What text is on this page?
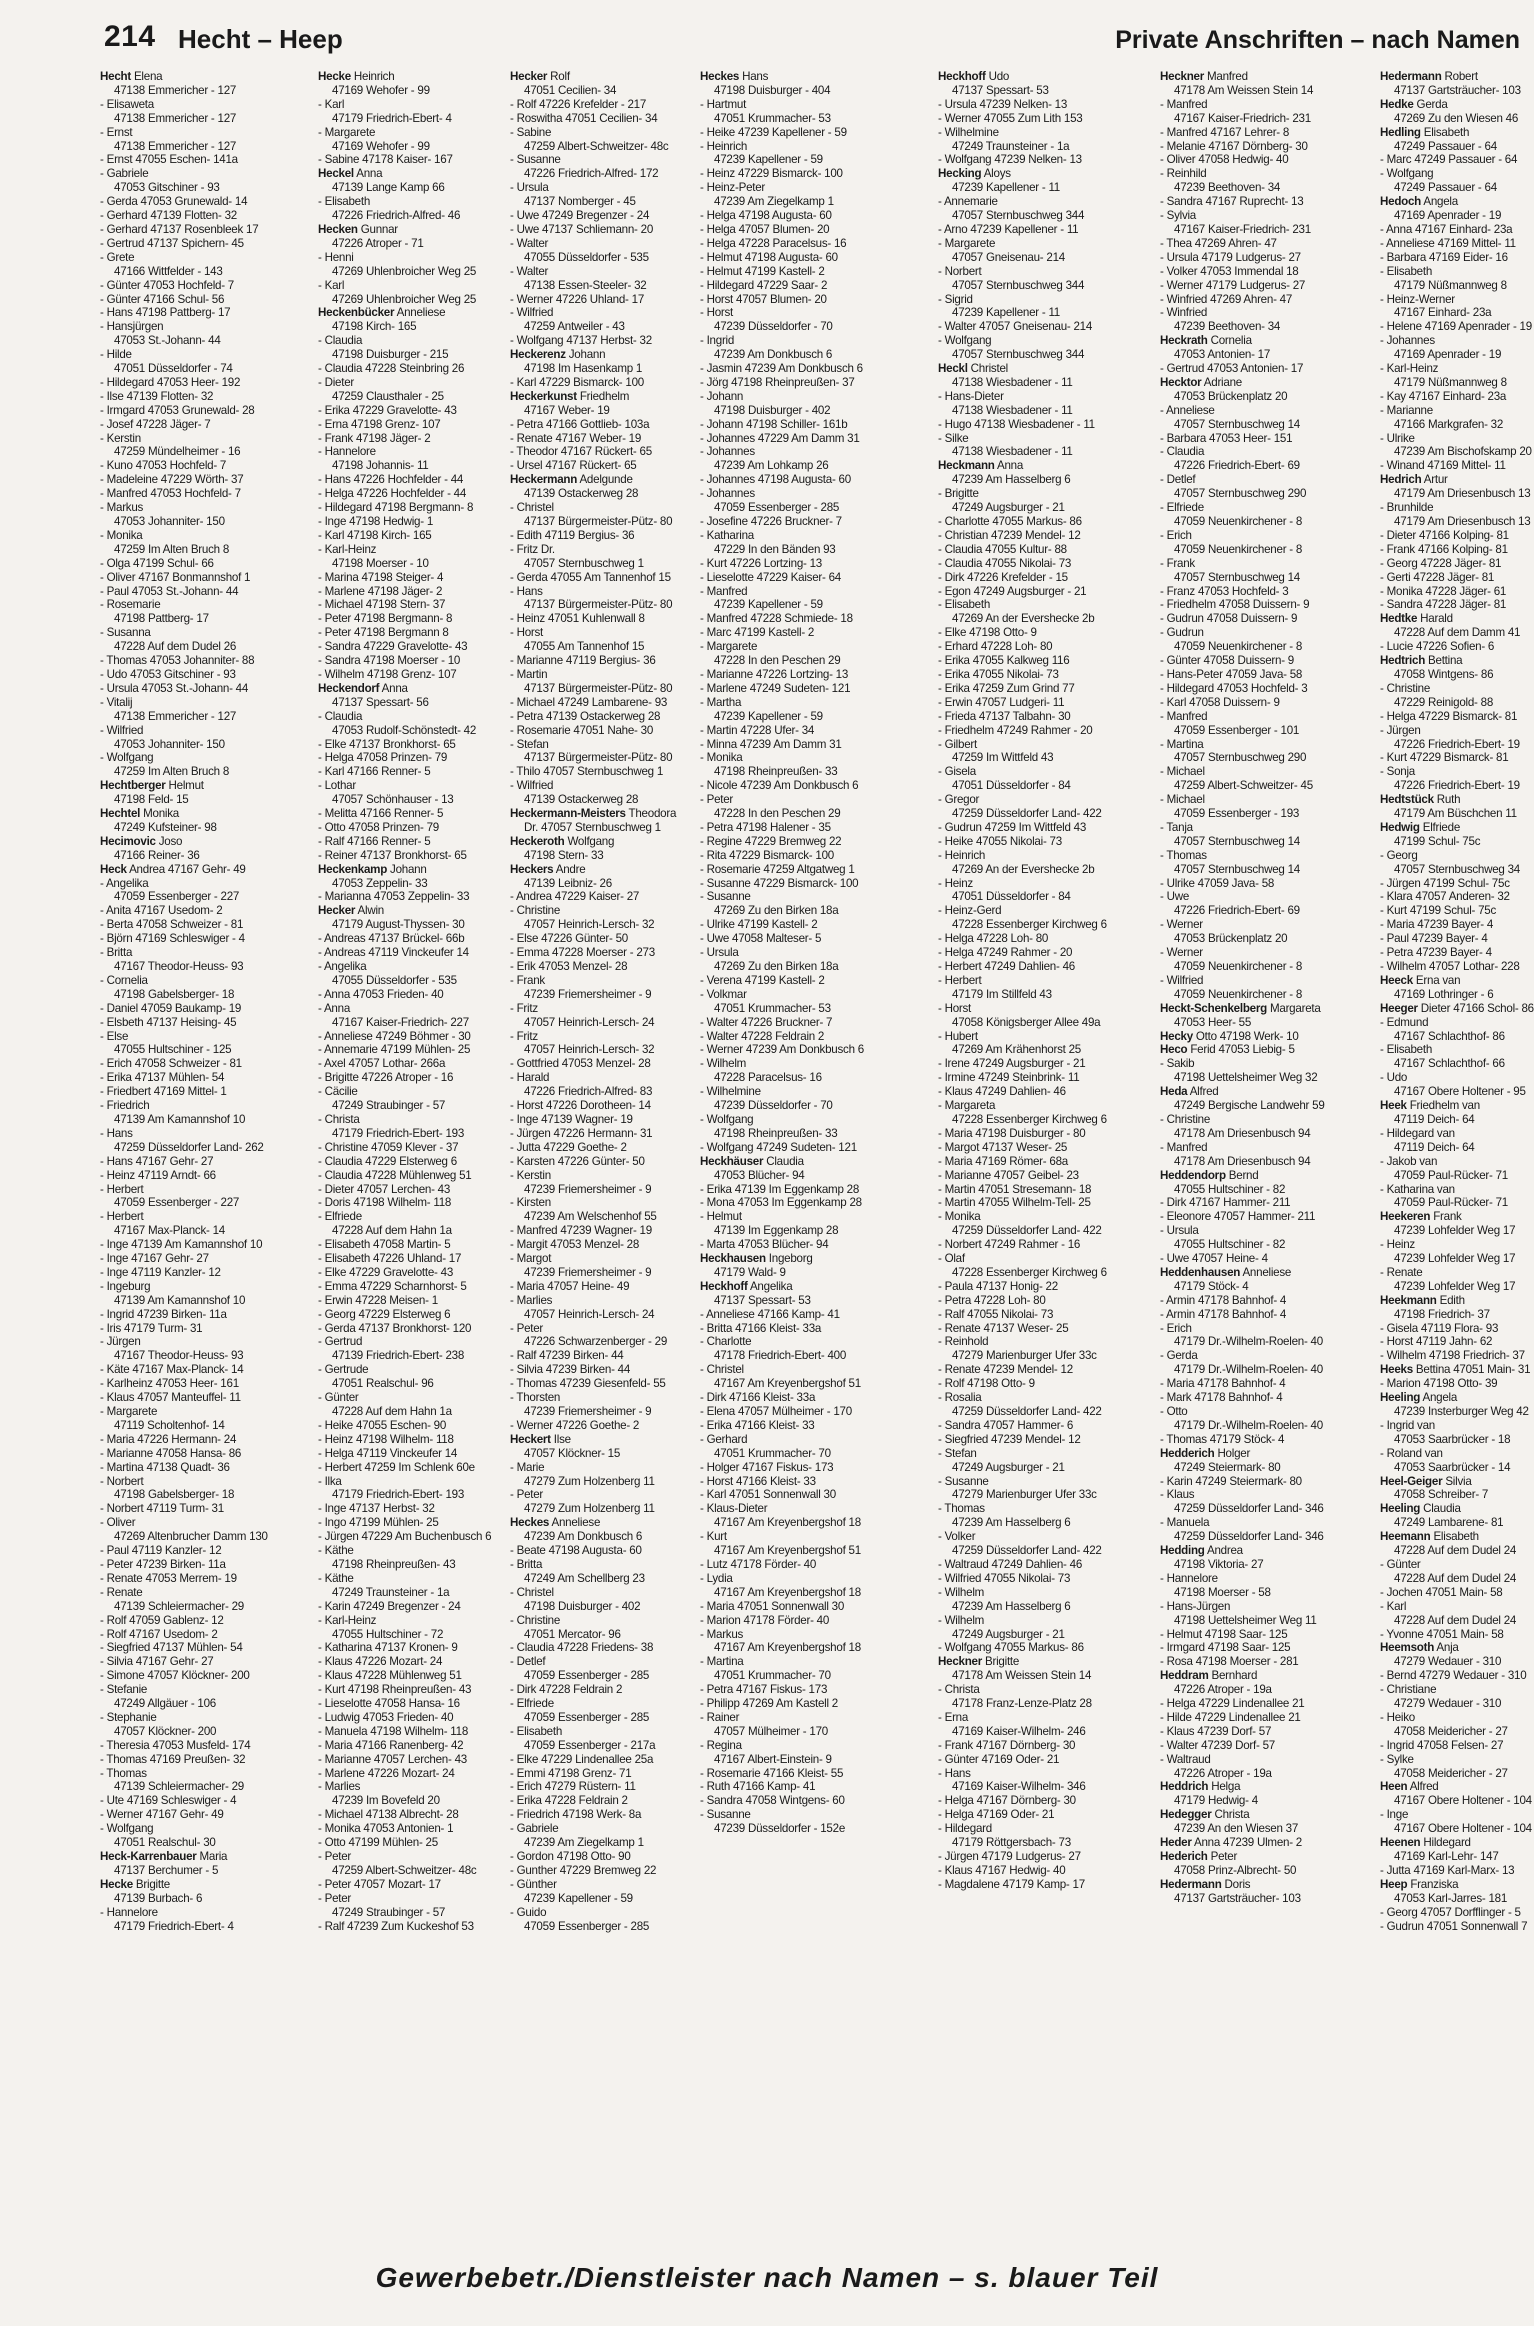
214 Hecht – Heep	Private Anschriften – nach Namen
Hecht Elena
47138 Emmericher - 127
- Elisaweta
47138 Emmericher - 127
- Ernst
47138 Emmericher - 127
- Ernst 47055 Eschen- 141a
- Gabriele
47053 Gitschiner - 93
- Gerda 47053 Grunewald- 14
- Gerhard 47139 Flotten- 32
- Gerhard 47137 Rosenbleek 17
- Gertrud 47137 Spichern- 45
- Grete
47166 Wittfelder - 143
- Günter 47053 Hochfeld- 7
- Günter 47166 Schul- 56
- Hans 47198 Pattberg- 17
- Hansjürgen
47053 St.-Johann- 44
- Hilde
47051 Düsseldorfer - 74
- Hildegard 47053 Heer- 192
- Ilse 47139 Flotten- 32
- Irmgard 47053 Grunewald- 28
- Josef 47228 Jäger- 7
- Kerstin
47259 Mündelheimer - 16
- Kuno 47053 Hochfeld- 7
- Madeleine 47229 Wörth- 37
- Manfred 47053 Hochfeld- 7
- Markus
47053 Johanniter- 150
- Monika
47259 Im Alten Bruch 8
- Olga 47199 Schul- 66
- Oliver 47167 Bonmannshof 1
- Paul 47053 St.-Johann- 44
- Rosemarie
47198 Pattberg- 17
- Susanna
47228 Auf dem Dudel 26
- Thomas 47053 Johanniter- 88
- Udo 47053 Gitschiner - 93
- Ursula 47053 St.-Johann- 44
- Vitalij
47138 Emmericher - 127
- Wilfried
47053 Johanniter- 150
- Wolfgang
47259 Im Alten Bruch 8
Hechtberger Helmut
47198 Feld- 15
Hechtel Monika
47249 Kufsteiner- 98
Hecimovic Joso
47166 Reiner- 36
Heck Andrea 47167 Gehr- 49
- Angelika
47059 Essenberger - 227
- Anita 47167 Usedom- 2
- Berta 47058 Schweizer - 81
- Björn 47169 Schleswiger - 4
- Britta
47167 Theodor-Heuss- 93
- Cornelia
47198 Gabelsberger- 18
- Daniel 47059 Baukamp- 19
- Elsbeth 47137 Heising- 45
- Else
47055 Hultschiner - 125
- Erich 47058 Schweizer - 81
- Erika 47137 Mühlen- 54
- Friedbert 47169 Mittel- 1
- Friedrich
47139 Am Kamannshof 10
- Hans
47259 Düsseldorfer Land- 262
- Hans 47167 Gehr- 27
- Heinz 47119 Arndt- 66
- Herbert
47059 Essenberger - 227
- Herbert
47167 Max-Planck- 14
- Inge 47139 Am Kamannshof 10
- Inge 47167 Gehr- 27
- Inge 47119 Kanzler- 12
- Ingeburg
47139 Am Kamannshof 10
- Ingrid 47239 Birken- 11a
- Iris 47179 Turm- 31
- Jürgen
47167 Theodor-Heuss- 93
- Käte 47167 Max-Planck- 14
- Karlheinz 47053 Heer- 161
- Klaus 47057 Manteuffel- 11
- Margarete
47119 Scholtenhof- 14
- Maria 47226 Hermann- 24
- Marianne 47058 Hansa- 86
- Martina 47138 Quadt- 36
- Norbert
47198 Gabelsberger- 18
- Norbert 47119 Turm- 31
- Oliver
47269 Altenbrucher Damm 130
- Paul 47119 Kanzler- 12
- Peter 47239 Birken- 11a
- Renate 47053 Merrem- 19
- Renate
47139 Schleiermacher- 29
- Rolf 47059 Gablenz- 12
- Rolf 47167 Usedom- 2
- Siegfried 47137 Mühlen- 54
- Silvia 47167 Gehr- 27
- Simone 47057 Klöckner- 200
- Stefanie
47249 Allgäuer - 106
- Stephanie
47057 Klöckner- 200
- Theresia 47053 Musfeld- 174
- Thomas 47169 Preußen- 32
- Thomas
47139 Schleiermacher- 29
- Ute 47169 Schleswiger - 4
- Werner 47167 Gehr- 49
- Wolfgang
47051 Realschul- 30
Heck-Karrenbauer Maria
47137 Berchumer - 5
Hecke Brigitte
47139 Burbach- 6
- Hannelore
47179 Friedrich-Ebert- 4
Hecke Heinrich
47169 Wehofer - 99
- Karl
47179 Friedrich-Ebert- 4
- Margarete
47169 Wehofer - 99
- Sabine 47178 Kaiser- 167
Heckel Anna
47139 Lange Kamp 66
- Elisabeth
47226 Friedrich-Alfred- 46
Hecken Gunnar
47226 Atroper - 71
- Henni
47269 Uhlenbroicher Weg 25
- Karl
47269 Uhlenbroicher Weg 25
Heckenbücker Anneliese
47198 Kirch- 165
- Claudia
47198 Duisburger - 215
- Claudia 47228 Steinbring 26
- Dieter
47259 Clausthaler - 25
- Erika 47229 Gravelotte- 43
- Erna 47198 Grenz- 107
- Frank 47198 Jäger- 2
- Hannelore
47198 Johannis- 11
- Hans 47226 Hochfelder - 44
- Helga 47226 Hochfelder - 44
- Hildegard 47198 Bergmann- 8
- Inge 47198 Hedwig- 1
- Karl 47198 Kirch- 165
- Karl-Heinz
47198 Moerser - 10
- Marina 47198 Steiger- 4
- Marlene 47198 Jäger- 2
- Michael 47198 Stern- 37
- Peter 47198 Bergmann- 8
- Peter 47198 Bergmann 8
- Sandra 47229 Gravelotte- 43
- Sandra 47198 Moerser - 10
- Wilhelm 47198 Grenz- 107
Heckendorf Anna
47137 Spessart- 56
- Claudia
47053 Rudolf-Schönstedt- 42
- Elke 47137 Bronkhorst- 65
- Helga 47058 Prinzen- 79
- Karl 47166 Renner- 5
- Lothar
47057 Schönhauser - 13
- Melitta 47166 Renner- 5
- Otto 47058 Prinzen- 79
- Ralf 47166 Renner- 5
- Reiner 47137 Bronkhorst- 65
Heckenkamp Johann
47053 Zeppelin- 33
- Marianna 47053 Zeppelin- 33
Hecker Alwin
47179 August-Thyssen- 30
- Andreas 47137 Brückel- 66b
- Andreas 47119 Vinckeufer 14
- Angelika
47055 Düsseldorfer - 535
- Anna 47053 Frieden- 40
- Anna
47167 Kaiser-Friedrich- 227
- Anneliese 47249 Böhmer - 30
- Annemarie 47199 Mühlen- 25
- Axel 47057 Lothar- 266a
- Brigitte 47226 Atroper - 16
- Cäcilie
47249 Straubinger - 57
- Christa
47179 Friedrich-Ebert- 193
- Christine 47059 Klever - 37
- Claudia 47229 Elsterweg 6
- Claudia 47228 Mühlenweg 51
- Dieter 47057 Lerchen- 43
- Doris 47198 Wilhelm- 118
- Elfriede
47228 Auf dem Hahn 1a
- Elisabeth 47058 Martin- 5
- Elisabeth 47226 Uhland- 17
- Elke 47229 Gravelotte- 43
- Emma 47229 Scharnhorst- 5
- Erwin 47228 Meisen- 1
- Georg 47229 Elsterweg 6
- Gerda 47137 Bronkhorst- 120
- Gertrud
47139 Friedrich-Ebert- 238
- Gertrude
47051 Realschul- 96
- Günter
47228 Auf dem Hahn 1a
- Heike 47055 Eschen- 90
- Heinz 47198 Wilhelm- 118
- Helga 47119 Vinckeufer 14
- Herbert 47259 Im Schlenk 60e
- Ilka
47179 Friedrich-Ebert- 193
- Inge 47137 Herbst- 32
- Ingo 47199 Mühlen- 25
- Jürgen 47229 Am Buchenbusch 6
- Käthe
47198 Rheinpreußen- 43
- Käthe
47249 Traunsteiner - 1a
- Karin 47249 Bregenzer - 24
- Karl-Heinz
47055 Hultschiner - 72
- Katharina 47137 Kronen- 9
- Klaus 47226 Mozart- 24
- Klaus 47228 Mühlenweg 51
- Kurt 47198 Rheinpreußen- 43
- Lieselotte 47058 Hansa- 16
- Ludwig 47053 Frieden- 40
- Manuela 47198 Wilhelm- 118
- Maria 47166 Ranenberg- 42
- Marianne 47057 Lerchen- 43
- Marlene 47226 Mozart- 24
- Marlies
47239 Im Bovefeld 20
- Michael 47138 Albrecht- 28
- Monika 47053 Antonien- 1
- Otto 47199 Mühlen- 25
- Peter
47259 Albert-Schweitzer- 48c
- Peter 47057 Mozart- 17
- Peter
47249 Straubinger - 57
- Ralf 47239 Zum Kuckeshof 53
Hecker Rolf
47051 Cecilien- 34
- Rolf 47226 Krefelder - 217
- Roswitha 47051 Cecilien- 34
- Sabine
47259 Albert-Schweitzer- 48c
- Susanne
47226 Friedrich-Alfred- 172
- Ursula
47137 Nomberger - 45
- Uwe 47249 Bregenzer - 24
- Uwe 47137 Schliemann- 20
- Walter
47055 Düsseldorfer - 535
- Walter
47138 Essen-Steeler- 32
- Werner 47226 Uhland- 17
- Wilfried
47259 Antweiler - 43
- Wolfgang 47137 Herbst- 32
Heckerenz Johann
47198 Im Hasenkamp 1
- Karl 47229 Bismarck- 100
Heckerkunst Friedhelm
47167 Weber- 19
- Petra 47166 Gottlieb- 103a
- Renate 47167 Weber- 19
- Theodor 47167 Rückert- 65
- Ursel 47167 Rückert- 65
Heckermann Adelgunde
47139 Ostackerweg 28
- Christel
47137 Bürgermeister-Pütz- 80
- Edith 47119 Bergius- 36
- Fritz Dr.
47057 Sternbuschweg 1
- Gerda 47055 Am Tannenhof 15
- Hans
47137 Bürgermeister-Pütz- 80
- Heinz 47051 Kuhlenwall 8
- Horst
47055 Am Tannenhof 15
- Marianne 47119 Bergius- 36
- Martin
47137 Bürgermeister-Pütz- 80
- Michael 47249 Lambarene- 93
- Petra 47139 Ostackerweg 28
- Rosemarie 47051 Nahe- 30
- Stefan
47137 Bürgermeister-Pütz- 80
- Thilo 47057 Sternbuschweg 1
- Wilfried
47139 Ostackerweg 28
Heckermann-Meisters Theodora
Dr. 47057 Sternbuschweg 1
Heckeroth Wolfgang
47198 Stern- 33
Heckers Andre
47139 Leibniz- 26
- Andrea 47229 Kaiser- 27
- Christine
47057 Heinrich-Lersch- 32
- Else 47226 Günter- 50
- Emma 47228 Moerser - 273
- Erik 47053 Menzel- 28
- Frank
47239 Friemersheimer - 9
- Fritz
47057 Heinrich-Lersch- 24
- Fritz
47057 Heinrich-Lersch- 32
- Gottfried 47053 Menzel- 28
- Harald
47226 Friedrich-Alfred- 83
- Horst 47226 Dorotheen- 14
- Inge 47139 Wagner- 19
- Jürgen 47226 Hermann- 31
- Jutta 47229 Goethe- 2
- Karsten 47226 Günter- 50
- Kerstin
47239 Friemersheimer - 9
- Kirsten
47239 Am Welschenhof 55
- Manfred 47239 Wagner- 19
- Margit 47053 Menzel- 28
- Margot
47239 Friemersheimer - 9
- Maria 47057 Heine- 49
- Marlies
47057 Heinrich-Lersch- 24
- Peter
47226 Schwarzenberger - 29
- Ralf 47239 Birken- 44
- Silvia 47239 Birken- 44
- Thomas 47239 Giesenfeld- 55
- Thorsten
47239 Friemersheimer - 9
- Werner 47226 Goethe- 2
Heckert Ilse
47057 Klöckner- 15
- Marie
47279 Zum Holzenberg 11
- Peter
47279 Zum Holzenberg 11
Heckes Anneliese
47239 Am Donkbusch 6
- Beate 47198 Augusta- 60
- Britta
47249 Am Schellberg 23
- Christel
47198 Duisburger - 402
- Christine
47051 Mercator- 96
- Claudia 47228 Friedens- 38
- Detlef
47059 Essenberger - 285
- Dirk 47228 Feldrain 2
- Elfriede
47059 Essenberger - 285
- Elisabeth
47059 Essenberger - 217a
- Elke 47229 Lindenallee 25a
- Emmi 47198 Grenz- 71
- Erich 47279 Rüstern- 11
- Erika 47228 Feldrain 2
- Friedrich 47198 Werk- 8a
- Gabriele
47239 Am Ziegelkamp 1
- Gordon 47198 Otto- 90
- Gunther 47229 Bremweg 22
- Günther
47239 Kapellener - 59
- Guido
47059 Essenberger - 285
Heckes Hans
47198 Duisburger - 404
- Hartmut
47051 Krummacher- 53
- Heike 47239 Kapellener - 59
- Heinrich
47239 Kapellener - 59
- Heinz 47229 Bismarck- 100
- Heinz-Peter
47239 Am Ziegelkamp 1
- Helga 47198 Augusta- 60
- Helga 47057 Blumen- 20
- Helga 47228 Paracelsus- 16
- Helmut 47198 Augusta- 60
- Helmut 47199 Kastell- 2
- Hildegard 47229 Saar- 2
- Horst 47057 Blumen- 20
- Horst
47239 Düsseldorfer - 70
- Ingrid
47239 Am Donkbusch 6
- Jasmin 47239 Am Donkbusch 6
- Jörg 47198 Rheinpreußen- 37
- Johann
47198 Duisburger - 402
- Johann 47198 Schiller- 161b
- Johannes 47229 Am Damm 31
- Johannes
47239 Am Lohkamp 26
- Johannes 47198 Augusta- 60
- Johannes
47059 Essenberger - 285
- Josefine 47226 Bruckner- 7
- Katharina
47229 In den Bänden 93
- Kurt 47226 Lortzing- 13
- Lieselotte 47229 Kaiser- 64
- Manfred
47239 Kapellener - 59
- Manfred 47228 Schmiede- 18
- Marc 47199 Kastell- 2
- Margarete
47228 In den Peschen 29
- Marianne 47226 Lortzing- 13
- Marlene 47249 Sudeten- 121
- Martha
47239 Kapellener - 59
- Martin 47228 Ufer- 34
- Minna 47239 Am Damm 31
- Monika
47198 Rheinpreußen- 33
- Nicole 47239 Am Donkbusch 6
- Peter
47228 In den Peschen 29
- Petra 47198 Halener - 35
- Regine 47229 Bremweg 22
- Rita 47229 Bismarck- 100
- Rosemarie 47259 Altgatweg 1
- Susanne 47229 Bismarck- 100
- Susanne
47269 Zu den Birken 18a
- Ulrike 47199 Kastell- 2
- Uwe 47058 Malteser- 5
- Ursula
47269 Zu den Birken 18a
- Verena 47199 Kastell- 2
- Volkmar
47051 Krummacher- 53
- Walter 47226 Bruckner- 7
- Walter 47228 Feldrain 2
- Werner 47239 Am Donkbusch 6
- Wilhelm
47228 Paracelsus- 16
- Wilhelmine
47239 Düsseldorfer - 70
- Wolfgang
47198 Rheinpreußen- 33
- Wolfgang 47249 Sudeten- 121
Heckhäuser Claudia
47053 Blücher- 94
- Erika 47139 Im Eggenkamp 28
- Mona 47053 Im Eggenkamp 28
- Helmut
47139 Im Eggenkamp 28
- Marta 47053 Blücher- 94
Heckhausen Ingeborg
47179 Wald- 9
Heckhoff Angelika
47137 Spessart- 53
- Anneliese 47166 Kamp- 41
- Britta 47166 Kleist- 33a
- Charlotte
47178 Friedrich-Ebert- 400
- Christel
47167 Am Kreyenbergshof 51
- Dirk 47166 Kleist- 33a
- Elena 47057 Mülheimer - 170
- Erika 47166 Kleist- 33
- Gerhard
47051 Krummacher- 70
- Holger 47167 Fiskus- 173
- Horst 47166 Kleist- 33
- Karl 47051 Sonnenwall 30
- Klaus-Dieter
47167 Am Kreyenbergshof 18
- Kurt
47167 Am Kreyenbergshof 51
- Lutz 47178 Förder- 40
- Lydia
47167 Am Kreyenbergshof 18
- Maria 47051 Sonnenwall 30
- Marion 47178 Förder- 40
- Markus
47167 Am Kreyenbergshof 18
- Martina
47051 Krummacher- 70
- Petra 47167 Fiskus- 173
- Philipp 47269 Am Kastell 2
- Rainer
47057 Mülheimer - 170
- Regina
47167 Albert-Einstein- 9
- Rosemarie 47166 Kleist- 55
- Ruth 47166 Kamp- 41
- Sandra 47058 Wintgens- 60
- Susanne
47239 Düsseldorfer - 152e
Heckhoff Udo
47137 Spessart- 53
- Ursula 47239 Nelken- 13
- Werner 47055 Zum Lith 153
- Wilhelmine
47249 Traunsteiner - 1a
- Wolfgang 47239 Nelken- 13
Hecking Aloys
47239 Kapellener - 11
- Annemarie
47057 Sternbuschweg 344
- Arno 47239 Kapellener - 11
- Margarete
47057 Gneisenau- 214
- Norbert
47057 Sternbuschweg 344
- Sigrid
47239 Kapellener - 11
- Walter 47057 Gneisenau- 214
- Wolfgang
47057 Sternbuschweg 344
Heckl Christel
47138 Wiesbadener - 11
- Hans-Dieter
47138 Wiesbadener - 11
- Hugo 47138 Wiesbadener - 11
- Silke
47138 Wiesbadener - 11
Heckmann Anna
47239 Am Hasselberg 6
- Brigitte
47249 Augsburger - 21
- Charlotte 47055 Markus- 86
- Christian 47239 Mendel- 12
- Claudia 47055 Kultur- 88
- Claudia 47055 Nikolai- 73
- Dirk 47226 Krefelder - 15
- Egon 47249 Augsburger - 21
- Elisabeth
47269 An der Eversheckе 2b
- Elke 47198 Otto- 9
- Erhard 47228 Loh- 80
- Erika 47055 Kalkweg 116
- Erika 47055 Nikolai- 73
- Erika 47259 Zum Grind 77
- Erwin 47057 Ludgeri- 11
- Frieda 47137 Talbahn- 30
- Friedhelm 47249 Rahmer - 20
- Gilbert
47259 Im Wittfeld 43
- Gisela
47051 Düsseldorfer - 84
- Gregor
47259 Düsseldorfer Land- 422
- Gudrun 47259 Im Wittfeld 43
- Heike 47055 Nikolai- 73
- Heinrich
47269 An der Eversheckе 2b
- Heinz
47051 Düsseldorfer - 84
- Heinz-Gerd
47228 Essenberger Kirchweg 6
- Helga 47228 Loh- 80
- Helga 47249 Rahmer - 20
- Herbert 47249 Dahlien- 46
- Herbert
47179 Im Stillfeld 43
- Horst
47058 Königsberger Allee 49a
- Hubert
47269 Am Krähenhorst 25
- Irene 47249 Augsburger - 21
- Irmine 47249 Steinbrink- 11
- Klaus 47249 Dahlien- 46
- Margareta
47228 Essenberger Kirchweg 6
- Maria 47198 Duisburger - 80
- Margot 47137 Weser- 25
- Maria 47169 Römer- 68a
- Marianne 47057 Geibel- 23
- Martin 47051 Stresemann- 18
- Martin 47055 Wilhelm-Tell- 25
- Monika
47259 Düsseldorfer Land- 422
- Norbert 47249 Rahmer - 16
- Olaf
47228 Essenberger Kirchweg 6
- Paula 47137 Honig- 22
- Petra 47228 Loh- 80
- Ralf 47055 Nikolai- 73
- Renate 47137 Weser- 25
- Reinhold
47279 Marienburger Ufer 33c
- Renate 47239 Mendel- 12
- Rolf 47198 Otto- 9
- Rosalia
47259 Düsseldorfer Land- 422
- Sandra 47057 Hammer- 6
- Siegfried 47239 Mendel- 12
- Stefan
47249 Augsburger - 21
- Susanne
47279 Marienburger Ufer 33c
- Thomas
47239 Am Hasselberg 6
- Volker
47259 Düsseldorfer Land- 422
- Waltraud 47249 Dahlien- 46
- Wilfried 47055 Nikolai- 73
- Wilhelm
47239 Am Hasselberg 6
- Wilhelm
47249 Augsburger - 21
- Wolfgang 47055 Markus- 86
Heckner Brigitte
47178 Am Weissen Stein 14
- Christa
47178 Franz-Lenze-Platz 28
- Erna
47169 Kaiser-Wilhelm- 246
- Frank 47167 Dörnberg- 30
- Günter 47169 Oder- 21
- Hans
47169 Kaiser-Wilhelm- 346
- Helga 47167 Dörnberg- 30
- Helga 47169 Oder- 21
- Hildegard
47179 Röttgersbach- 73
- Jürgen 47179 Ludgerus- 27
- Klaus 47167 Hedwig- 40
- Magdalene 47179 Kamp- 17
Heckner Manfred
47178 Am Weissen Stein 14
- Manfred
47167 Kaiser-Friedrich- 231
- Manfred 47167 Lehrer- 8
- Melanie 47167 Dörnberg- 30
- Oliver 47058 Hedwig- 40
- Reinhild
47239 Beethoven- 34
- Sandra 47167 Ruprecht- 13
- Sylvia
47167 Kaiser-Friedrich- 231
- Thea 47269 Ahren- 47
- Ursula 47179 Ludgerus- 27
- Volker 47053 Immendal 18
- Werner 47179 Ludgerus- 27
- Winfried 47269 Ahren- 47
- Winfried
47239 Beethoven- 34
Heckrath Cornelia
47053 Antonien- 17
- Gertrud 47053 Antonien- 17
Hecktor Adriane
47053 Brückenplatz 20
- Anneliese
47057 Sternbuschweg 14
- Barbara 47053 Heer- 151
- Claudia
47226 Friedrich-Ebert- 69
- Detlef
47057 Sternbuschweg 290
- Elfriede
47059 Neuenkirchener - 8
- Erich
47059 Neuenkirchener - 8
- Frank
47057 Sternbuschweg 14
- Franz 47053 Hochfeld- 3
- Friedhelm 47058 Duissern- 9
- Gudrun 47058 Duissern- 9
- Gudrun
47059 Neuenkirchener - 8
- Günter 47058 Duissern- 9
- Hans-Peter 47059 Java- 58
- Hildegard 47053 Hochfeld- 3
- Karl 47058 Duissern- 9
- Manfred
47059 Essenberger - 101
- Martina
47057 Sternbuschweg 290
- Michael
47259 Albert-Schweitzer- 45
- Michael
47059 Essenberger - 193
- Tanja
47057 Sternbuschweg 14
- Thomas
47057 Sternbuschweg 14
- Ulrike 47059 Java- 58
- Uwe
47226 Friedrich-Ebert- 69
- Werner
47053 Brückenplatz 20
- Werner
47059 Neuenkirchener - 8
- Wilfried
47059 Neuenkirchener - 8
Heckt-Schenkelberg Margareta
47053 Heer- 55
Hecky Otto 47198 Werk- 10
Heco Ferid 47053 Liebig- 5
- Sakib
47198 Uettelsheimer Weg 32
Heda Alfred
47249 Bergische Landwehr 59
- Christine
47178 Am Driesenbusch 94
- Manfred
47178 Am Driesenbusch 94
Heddendorp Bernd
47055 Hultschiner - 82
- Dirk 47167 Hammer- 211
- Eleonore 47057 Hammer- 211
- Ursula
47055 Hultschiner - 82
- Uwe 47057 Heine- 4
Heddenhausen Anneliese
47179 Stöck- 4
- Armin 47178 Bahnhof- 4
- Armin 47178 Bahnhof- 4
- Erich
47179 Dr.-Wilhelm-Roelen- 40
- Gerda
47179 Dr.-Wilhelm-Roelen- 40
- Maria 47178 Bahnhof- 4
- Mark 47178 Bahnhof- 4
- Otto
47179 Dr.-Wilhelm-Roelen- 40
- Thomas 47179 Stöck- 4
Hedderich Holger
47249 Steiermark- 80
- Karin 47249 Steiermark- 80
- Klaus
47259 Düsseldorfer Land- 346
- Manuela
47259 Düsseldorfer Land- 346
Hedding Andrea
47198 Viktoria- 27
- Hannelore
47198 Moerser - 58
- Hans-Jürgen
47198 Uettelsheimer Weg 11
- Helmut 47198 Saar- 125
- Irmgard 47198 Saar- 125
- Rosa 47198 Moerser - 281
Heddram Bernhard
47226 Atroper - 19a
- Helga 47229 Lindenallee 21
- Hilde 47229 Lindenallee 21
- Klaus 47239 Dorf- 57
- Walter 47239 Dorf- 57
- Waltraud
47226 Atroper - 19a
Heddrich Helga
47179 Hedwig- 4
Hedegger Christa
47239 An den Wiesen 37
Heder Anna 47239 Ulmen- 2
Hederich Peter
47058 Prinz-Albrecht- 50
Hedermann Doris
47137 Gartsträucher- 103
Hedermann Robert
47137 Gartsträucher- 103
Hedke Gerda
47269 Zu den Wiesen 46
Hedling Elisabeth
47249 Passauer - 64
- Marc 47249 Passauer - 64
- Wolfgang
47249 Passauer - 64
Hedoch Angela
47169 Apenrader - 19
- Anna 47167 Einhard- 23a
- Anneliese 47169 Mittel- 11
- Barbara 47169 Eider- 16
- Elisabeth
47179 Nüßmannweg 8
- Heinz-Werner
47167 Einhard- 23a
- Helene 47169 Apenrader - 19
- Johannes
47169 Apenrader - 19
- Karl-Heinz
47179 Nüßmannweg 8
- Kay 47167 Einhard- 23a
- Marianne
47166 Markgrafen- 32
- Ulrike
47239 Am Bischofskamp 20
- Winand 47169 Mittel- 11
Hedrich Artur
47179 Am Driesenbusch 13
- Brunhilde
47179 Am Driesenbusch 13
- Dieter 47166 Kolping- 81
- Frank 47166 Kolping- 81
- Georg 47228 Jäger- 81
- Gerti 47228 Jäger- 81
- Monika 47228 Jäger- 61
- Sandra 47228 Jäger- 81
Hedtke Harald
47228 Auf dem Damm 41
- Lucie 47226 Sofien- 6
Hedtrich Bettina
47058 Wintgens- 86
- Christine
47229 Reinigold- 88
- Helga 47229 Bismarck- 81
- Jürgen
47226 Friedrich-Ebert- 19
- Kurt 47229 Bismarck- 81
- Sonja
47226 Friedrich-Ebert- 19
Hedtstück Ruth
47179 Am Büschchen 11
Hedwig Elfriede
47199 Schul- 75c
- Georg
47057 Sternbuschweg 34
- Jürgen 47199 Schul- 75c
- Klara 47057 Anderen- 32
- Kurt 47199 Schul- 75c
- Maria 47239 Bayer- 4
- Paul 47239 Bayer- 4
- Petra 47239 Bayer- 4
- Wilhelm 47057 Lothar- 228
Heeck Erna van
47169 Lothringer - 6
Heeger Dieter 47166 Schol- 86
- Edmund
47167 Schlachthof- 86
- Elisabeth
47167 Schlachthof- 66
- Udo
47167 Obere Holtener - 95
Heek Friedhelm van
47119 Deich- 64
- Hildegard van
47119 Deich- 64
- Jakob van
47059 Paul-Rücker- 71
- Katharina van
47059 Paul-Rücker- 71
Heekeren Frank
47239 Lohfelder Weg 17
- Heinz
47239 Lohfelder Weg 17
- Renate
47239 Lohfelder Weg 17
Heekmann Edith
47198 Friedrich- 37
- Gisela 47119 Flora- 93
- Horst 47119 Jahn- 62
- Wilhelm 47198 Friedrich- 37
Heeks Bettina 47051 Main- 31
- Marion 47198 Otto- 39
Heeling Angela
47239 Insterburger Weg 42
- Ingrid van
47053 Saarbrücker - 18
- Roland van
47053 Saarbrücker - 14
Heel-Geiger Silvia
47058 Schreiber- 7
Heeling Claudia
47249 Lambarene- 81
Heemann Elisabeth
47228 Auf dem Dudel 24
- Günter
47228 Auf dem Dudel 24
- Jochen 47051 Main- 58
- Karl
47228 Auf dem Dudel 24
- Yvonne 47051 Main- 58
Heemsoth Anja
47279 Wedauer - 310
- Bernd 47279 Wedauer - 310
- Christiane
47279 Wedauer - 310
- Heiko
47058 Meidericher - 27
- Ingrid 47058 Felsen- 27
- Sylke
47058 Meidericher - 27
Heen Alfred
47167 Obere Holtener - 104
- Inge
47167 Obere Holtener - 104
Heenen Hildegard
47169 Karl-Lehr- 147
- Jutta 47169 Karl-Marx- 13
Heep Franziska
47053 Karl-Jarres- 181
- Georg 47057 Dorfflinger - 5
- Gudrun 47051 Sonnenwall 7
Gewerbebetr./Dienstleister nach Namen – s. blauer Teil
